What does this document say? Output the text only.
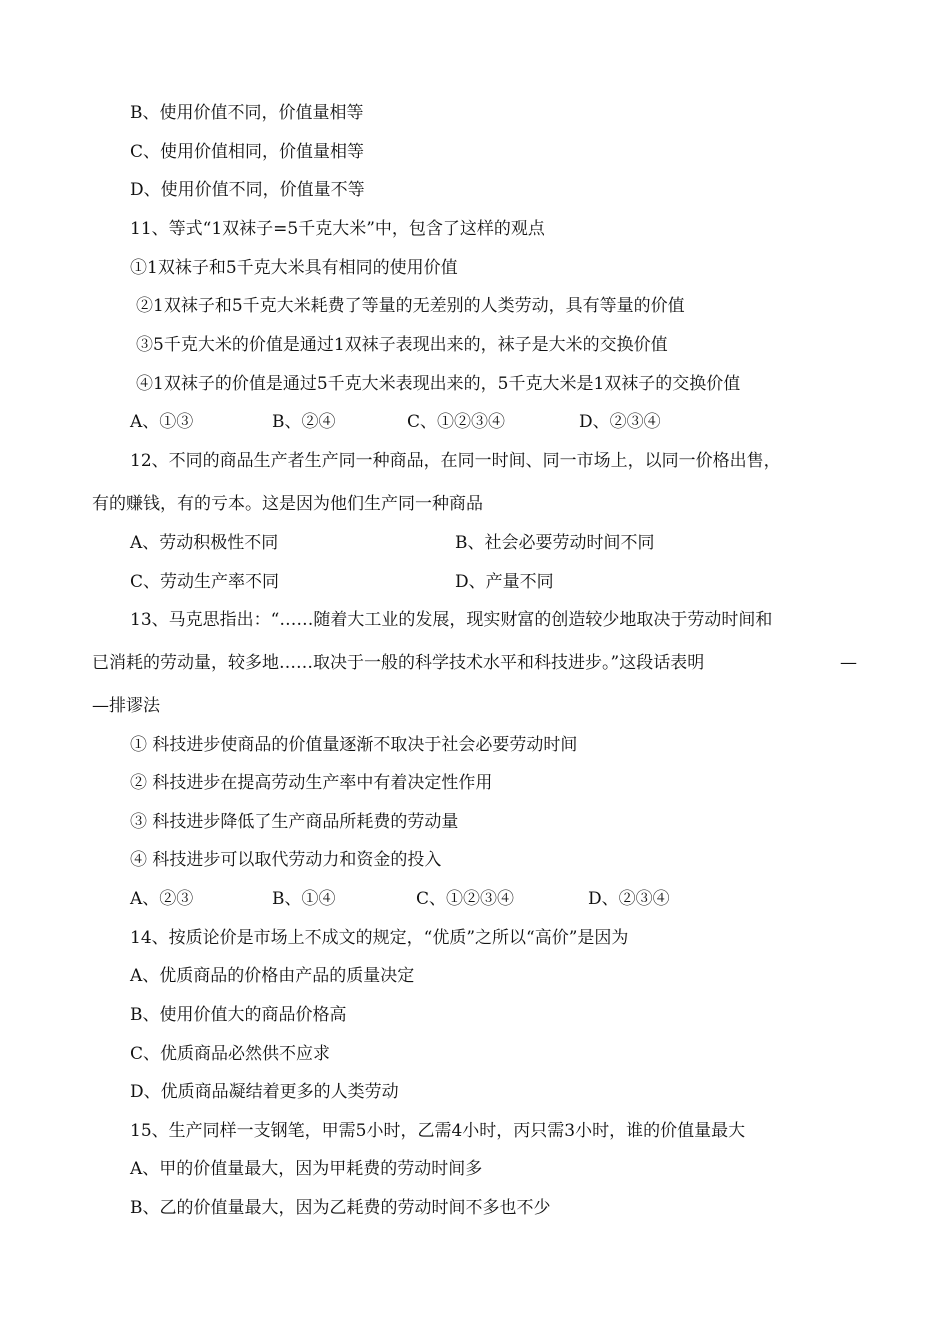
B、使用价值不同，价值量相等
C、使用价值相同，价值量相等
D、使用价值不同，价值量不等
11、等式“1双袜子=5千克大米”中，包含了这样的观点
①1双袜子和5千克大米具有相同的使用价值
②1双袜子和5千克大米耗费了等量的无差别的人类劳动，具有等量的价值
③5千克大米的价值是通过1双袜子表现出来的，袜子是大米的交换价值
④1双袜子的价值是通过5千克大米表现出来的，5千克大米是1双袜子的交换价值
A、①③	B、②④	C、①②③④	D、②③④
12、不同的商品生产者生产同一种商品，在同一时间、同一市场上，以同一价格出售，
有的赚钱，有的亏本。这是因为他们生产同一种商品
A、劳动积极性不同	B、社会必要劳动时间不同
C、劳动生产率不同	D、产量不同
13、马克思指出：“……随着大工业的发展，现实财富的创造较少地取决于劳动时间和
已消耗的劳动量，较多地……取决于一般的科学技术水平和科技进步。”这段话表明	—
—排谬法
① 科技进步使商品的价值量逐渐不取决于社会必要劳动时间
② 科技进步在提高劳动生产率中有着决定性作用
③ 科技进步降低了生产商品所耗费的劳动量
④ 科技进步可以取代劳动力和资金的投入
A、②③	B、①④	C、①②③④	D、②③④
14、按质论价是市场上不成文的规定，“优质”之所以“高价”是因为
A、优质商品的价格由产品的质量决定
B、使用价值大的商品价格高
C、优质商品必然供不应求
D、优质商品凝结着更多的人类劳动
15、生产同样一支钢笔，甲需5小时，乙需4小时，丙只需3小时，谁的价值量最大
A、甲的价值量最大，因为甲耗费的劳动时间多
B、乙的价值量最大，因为乙耗费的劳动时间不多也不少
